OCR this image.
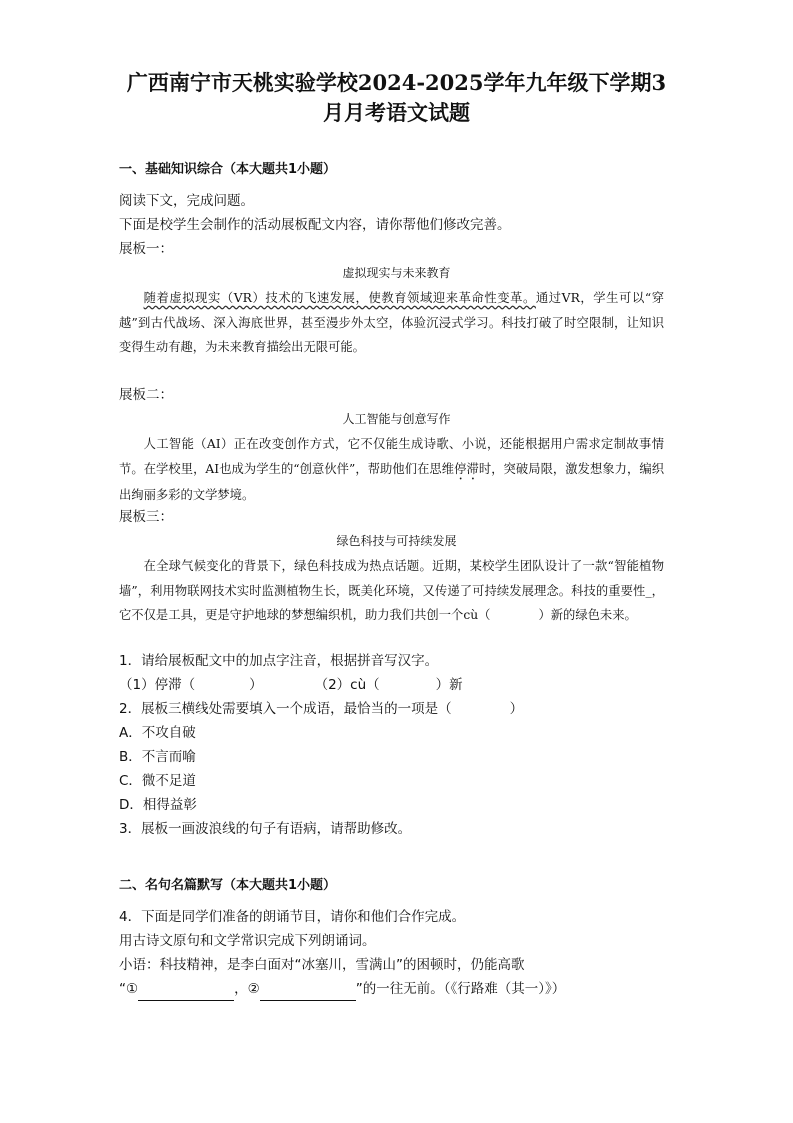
广西南宁市天桃实验学校2024-2025学年九年级下学期3
月月考语文试题
一、基础知识综合（本大题共1小题）
阅读下文，完成问题。
下面是校学生会制作的活动展板配文内容，请你帮他们修改完善。
展板一：
虚拟现实与未来教育

随着虚拟现实（VR）技术的飞速发展，使教育领域迎来革命性变革。通过VR，学生可以“穿越”到古代战场、深入海底世界，甚至漫步外太空，体验沉浸式学习。科技打破了时空限制，让知识变得生动有趣，为未来教育描绘出无限可能。

展板二：
人工智能与创意写作

人工智能（AI）正在改变创作方式，它不仅能生成诗歌、小说，还能根据用户需求定制故事情节。在学校里，AI也成为学生的“创意伙伴”，帮助他们在思维停滞时，突破局限，激发想象力，编织出绚丽多彩的文学梦境。

展板三：
绿色科技与可持续发展

在全球气候变化的背景下，绿色科技成为热点话题。近期，某校学生团队设计了一款“智能植物墙”，利用物联网技术实时监测植物生长，既美化环境，又传递了可持续发展理念。科技的重要性_，它不仅是工具，更是守护地球的梦想编织机，助力我们共创一个cù（	）新的绿色未来。

1．请给展板配文中的加点字注音，根据拼音写汉字。
（1）停滞（	）	（2）cù（	）新
2．展板三横线处需要填入一个成语，最恰当的一项是（	）
A．不攻自破
B．不言而喻
C．微不足道
D．相得益彰
3．展板一画波浪线的句子有语病，请帮助修改。
二、名句名篇默写（本大题共1小题）
4．下面是同学们准备的朗诵节目，请你和他们合作完成。
用古诗文原句和文学常识完成下列朗诵词。
小语：科技精神，是李白面对“冰塞川，雪满山”的困顿时，仍能高歌
“①	，②	”的一往无前。（《行路难（其一）》）
